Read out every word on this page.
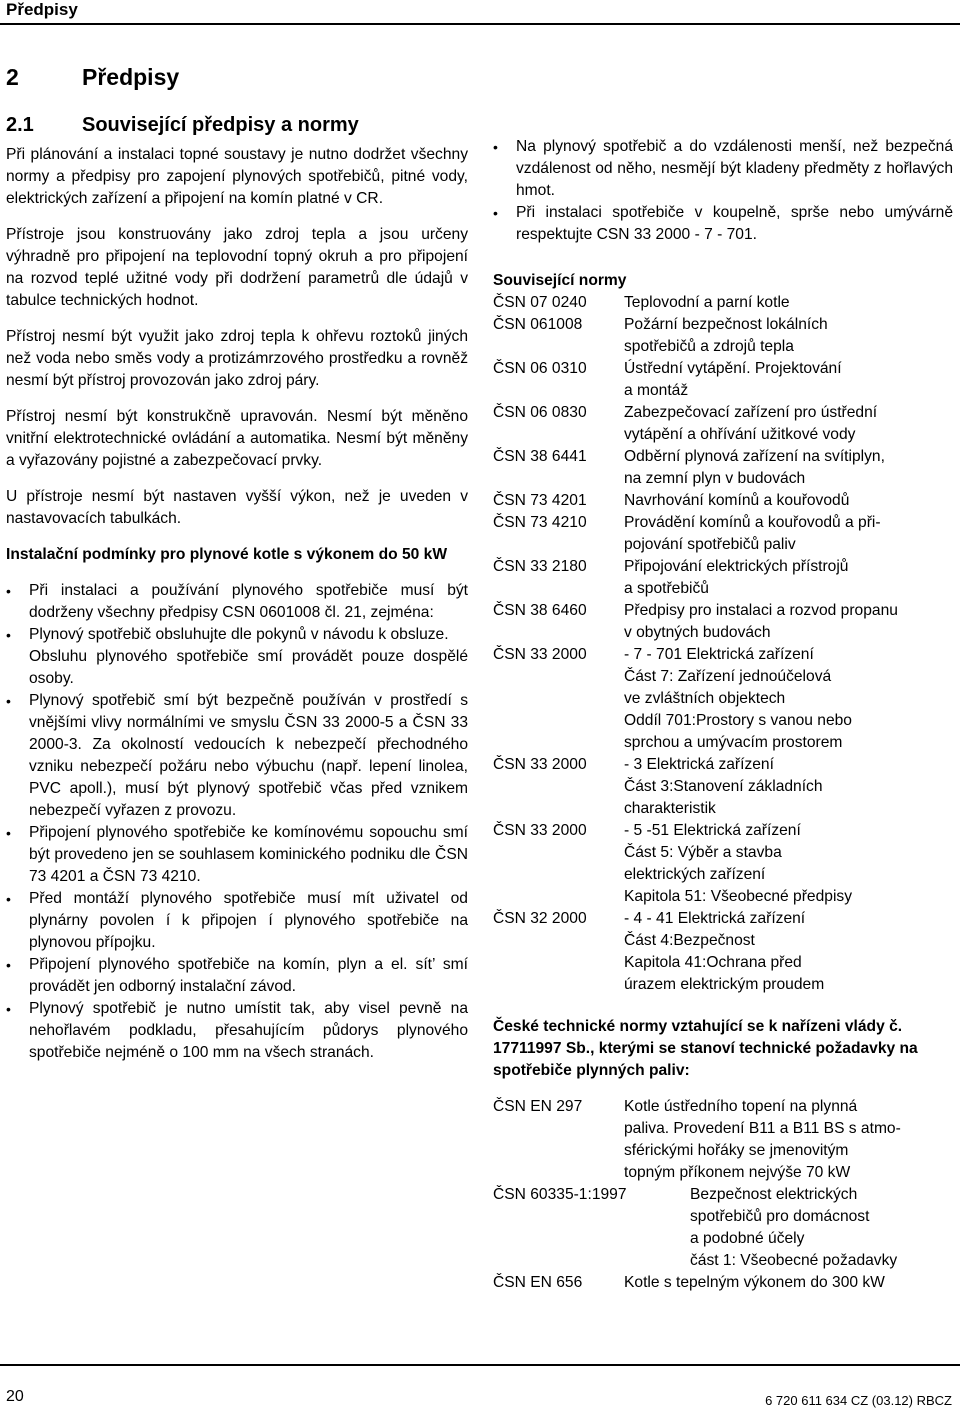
Předpisy
2	Předpisy
2.1 Související předpisy a normy

Při plánování a instalaci topné soustavy je nutno dodržet všechny normy a předpisy pro zapojení plynových spotřebičů, pitné vody, elektrických zařízení a připojení na komín platné v CR.

Přístroje jsou konstruovány jako zdroj tepla a jsou určeny výhradně pro připojení na teplovodní topný okruh a pro připojení na rozvod teplé užitné vody při dodržení parametrů dle údajů v tabulce technických hodnot.

Přístroj nesmí být využit jako zdroj tepla k ohřevu roztoků jiných než voda nebo směs vody a protizámrzového prostředku a rovněž nesmí být přístroj provozován jako zdroj páry.

Přístroj nesmí být konstrukčně upravován. Nesmí být měněno vnitřní elektrotechnické ovládání a automatika. Nesmí být měněny a vyřazovány pojistné a zabezpečovací prvky.

U přístroje nesmí být nastaven vyšší výkon, než je uveden v nastavovacích tabulkách.

Instalační podmínky pro plynové kotle s výkonem do 50 kW

• Při instalaci a používání plynového spotřebiče musí být dodrženy všechny předpisy CSN 0601008 čl. 21, zejména:
• Plynový spotřebič obsluhujte dle pokynů v návodu k obsluze.
Obsluhu plynového spotřebiče smí provádět pouze dospělé osoby.
• Plynový spotřebič smí být bezpečně používán v prostředí s vnějšími vlivy normálními ve smyslu ČSN 33 2000-5 a ČSN 33 2000-3. Za okolností vedoucích k nebezpečí přechodného vzniku nebezpečí požáru nebo výbuchu (např. lepení linolea, PVC apoll.), musí být plynový spotřebič včas před vznikem nebezpečí vyřazen z provozu.
• Připojení plynového spotřebiče ke komínovému sopouchu smí být provedeno jen se souhlasem kominického podniku dle ČSN 73 4201 a ČSN 73 4210.
• Před montáží plynového spotřebiče musí mít uživatel od plynárny povolen í k připojen í plynového spotřebiče na plynovou přípojku.
• Připojení plynového spotřebiče na komín, plyn a el. sít’ smí provádět jen odborný instalační závod.
• Plynový spotřebič je nutno umístit tak, aby visel pevně na nehořlavém podkladu, přesahujícím půdorys plynového spotřebiče nejméně o 100 mm na všech stranách.
• Na plynový spotřebič a do vzdálenosti menší, než bezpečná vzdálenost od něho, nesmějí být kladeny předměty z hořlavých hmot.
• Při instalaci spotřebiče v koupelně, sprše nebo umývárně respektujte CSN 33 2000 - 7 - 701.

Související normy

ČSN 07 0240	Teplovodní a parní kotle
ČSN 061008	Požární bezpečnost lokálních
spotřebičů a zdrojů tepla
ČSN 06 0310	Ústřední vytápění. Projektování
a montáž
ČSN 06 0830	Zabezpečovací zařízení pro ústřední
vytápění a ohřívání užitkové vody
ČSN 38 6441	Odběrní plynová zařízení na svítiplyn,
na zemní plyn v budovách
ČSN 73 4201	Navrhování komínů a kouřovodů
ČSN 73 4210	Provádění komínů a kouřovodů a při-
pojování spotřebičů paliv
ČSN 33 2180	Připojování elektrických přístrojů
a spotřebičů
ČSN 38 6460	Předpisy pro instalaci a rozvod propanu
v obytných budovách
ČSN 33 2000	- 7 - 701 Elektrická zařízení
Část 7: Zařízení jednoúčelová
ve zvláštních objektech
Oddíl 701:Prostory s vanou nebo
sprchou a umývacím prostorem
ČSN 33 2000	- 3 Elektrická zařízení
Část 3:Stanovení základních
charakteristik
ČSN 33 2000	- 5 -51 Elektrická zařízení
Část 5: Výběr a stavba
elektrických zařízení
Kapitola 51: Všeobecné předpisy
ČSN 32 2000	- 4 - 41 Elektrická zařízení
Část 4:Bezpečnost
Kapitola 41:Ochrana před
úrazem elektrickým proudem

České technické normy vztahující se k nařízeni vlády č. 17711997 Sb., kterými se stanoví technické požadavky na spotřebiče plynných paliv:

ČSN EN 297	Kotle ústředního topení na plynná
paliva. Provedení B11 a B11 BS s atmo-
sférickými hořáky se jmenovitým
topným příkonem nejvýše 70 kW
ČSN 60335-1:1997	Bezpečnost elektrických
spotřebičů pro domácnost
a podobné účely
část 1: Všeobecné požadavky
ČSN EN 656	Kotle s tepelným výkonem do 300 kW
20	6 720 611 634 CZ (03.12) RBCZ
